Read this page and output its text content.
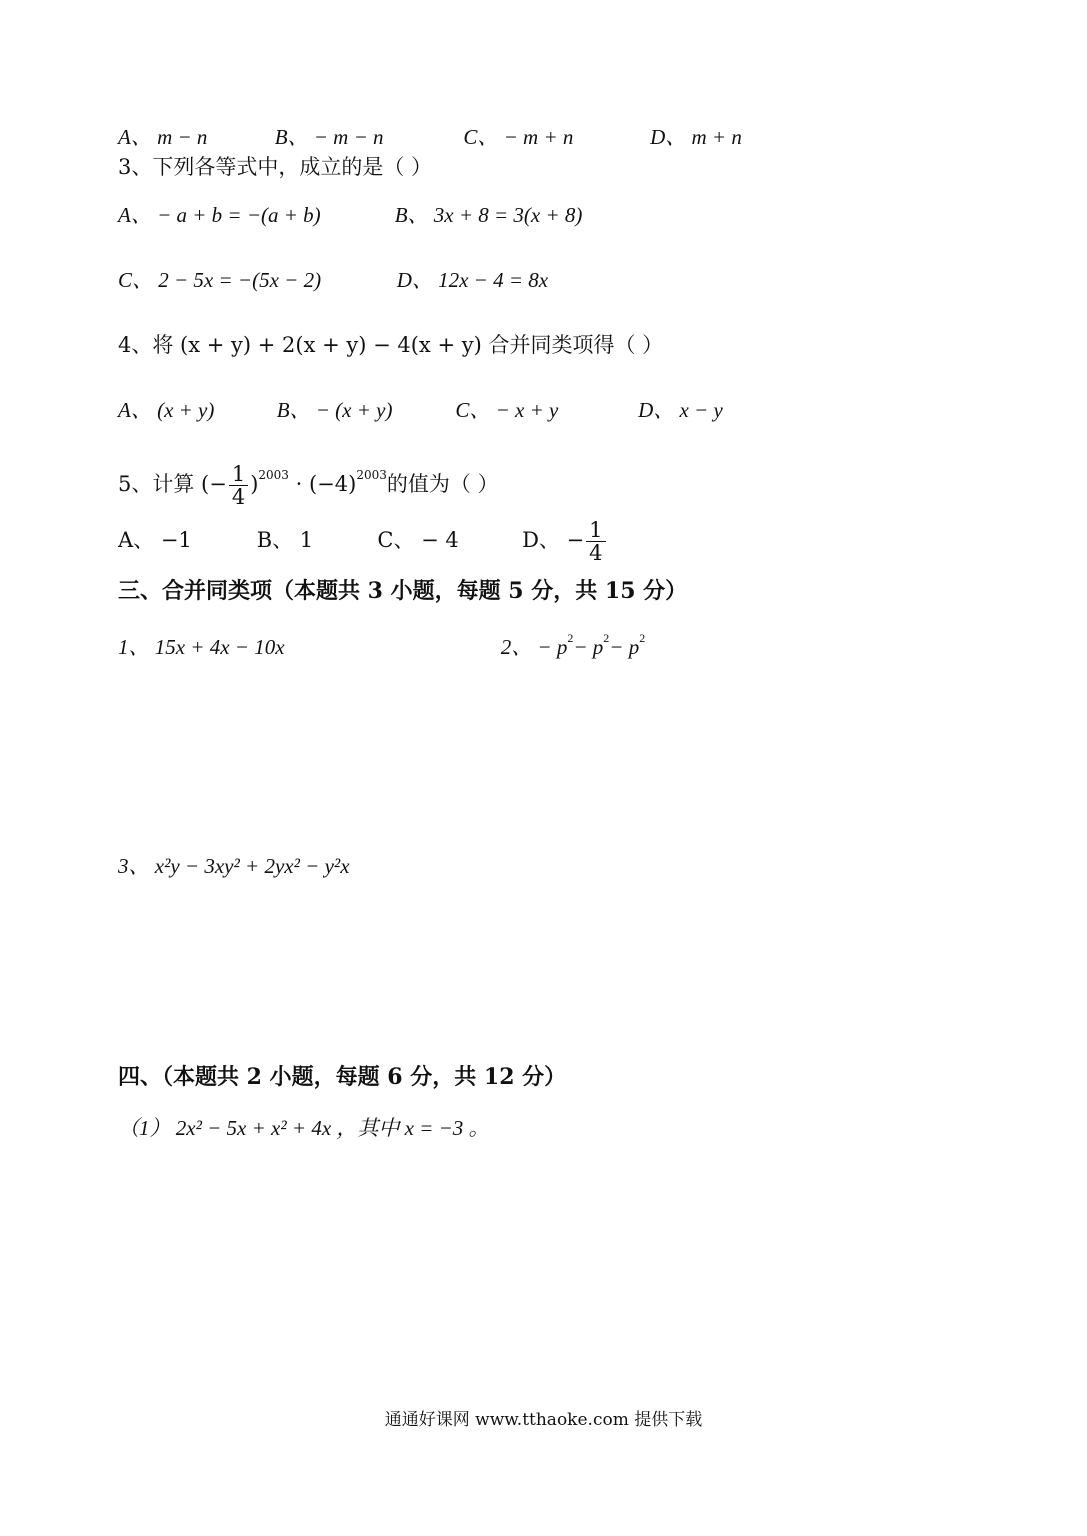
A、 m − n	B、 − m − n	C、 − m + n	D、 m + n
3、下列各等式中，成立的是（ ）
A、 − a + b = −(a + b)	B、 3x + 8 = 3(x + 8)
C、 2 − 5x = −(5x − 2)	D、 12x − 4 = 8x
4、将 (x + y) + 2(x + y) − 4(x + y) 合并同类项得（ ）
A、 (x + y)	B、 − (x + y)	C、 − x + y	D、 x − y
5、计算 (− $\frac{1}{4} )2003 \cdot (-4)2003$的值为（ ）
A、 −1	B、 1	C、 − 4	D、 − $\frac{1}{4}$
三、合并同类项（本题共 3 小题，每题 5 分，共 15 分）
1、 15x + 4x − 10x	2、 − p2− p2− p2
3、 x²y − 3xy² + 2yx² − y²x
四、（本题共 2 小题，每题 6 分，共 12 分）
（1） 2x² − 5x + x² + 4x ，其中 x = −3 。
通通好课网 www.tthaoke.com 提供下载
